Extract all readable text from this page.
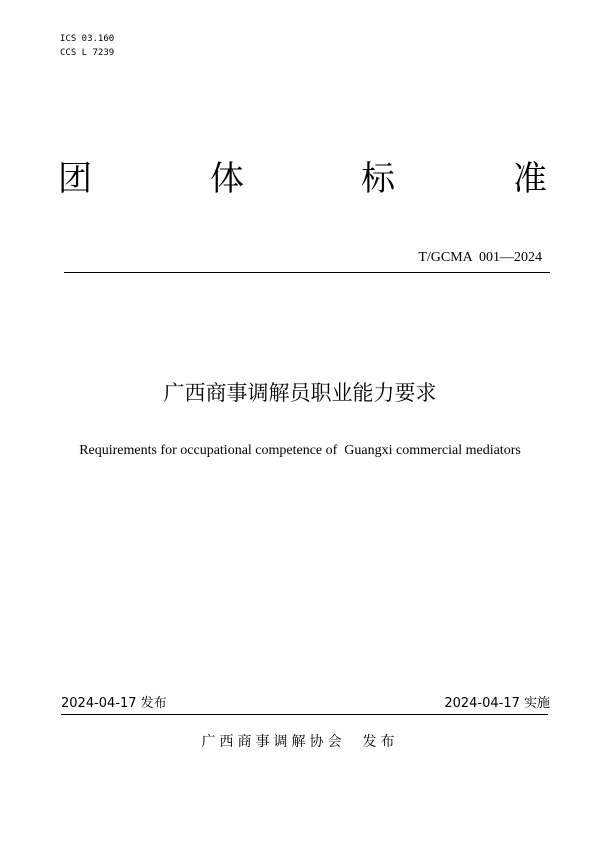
ICS 03.160
CCS L 7239
团	体	标	准
T/GCMA  001—2024
广西商事调解员职业能力要求
Requirements for occupational competence of  Guangxi commercial mediators
2024-04-17 发布	2024-04-17 实施
广西商事调解协会  发布
